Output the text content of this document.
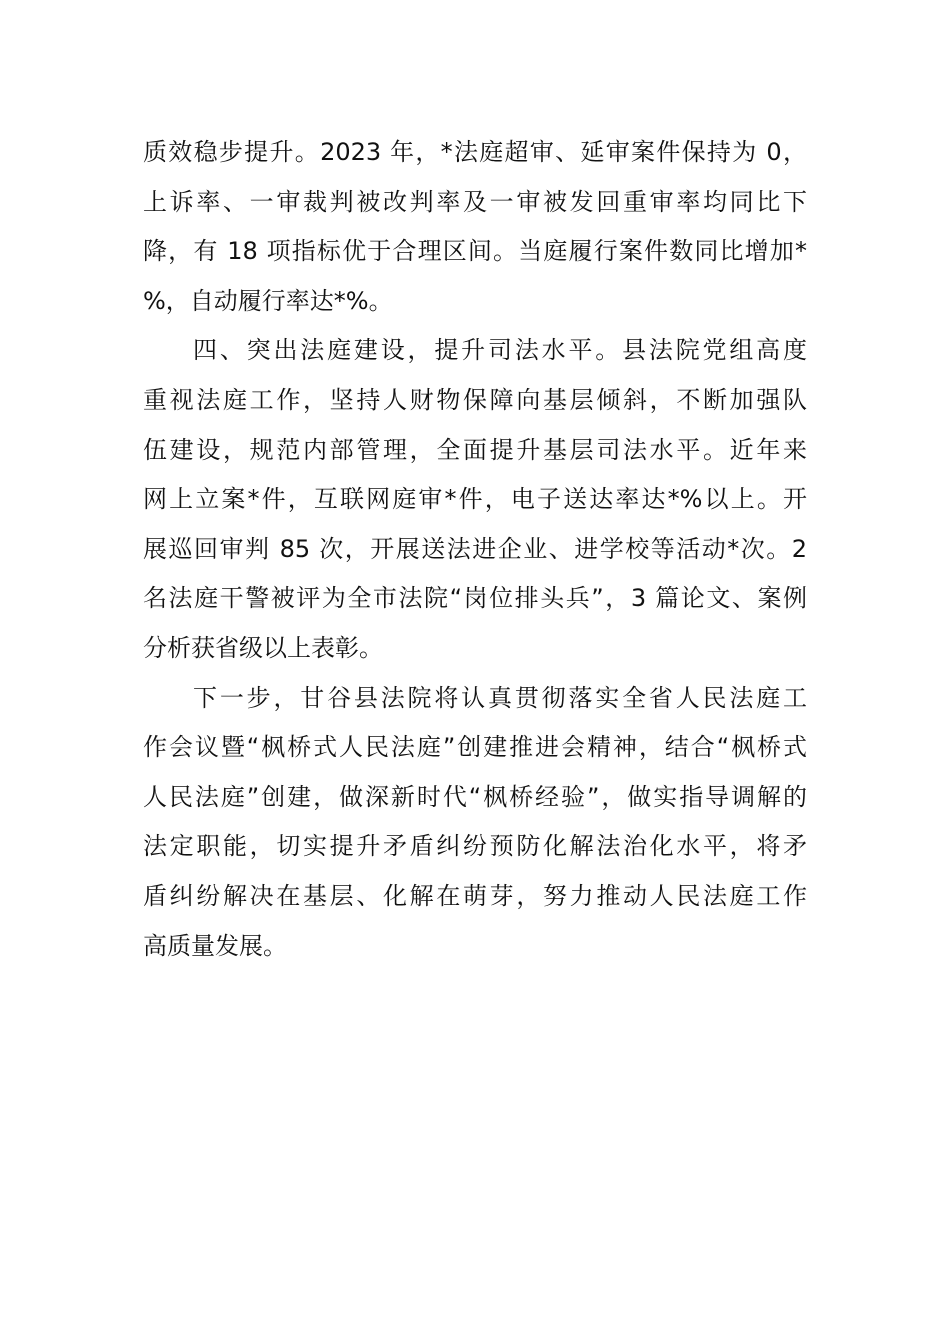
质效稳步提升。2023 年，*法庭超审、延审案件保持为 0，
上诉率、一审裁判被改判率及一审被发回重审率均同比下
降，有 18 项指标优于合理区间。当庭履行案件数同比增加*
%，自动履行率达*%。
四、突出法庭建设，提升司法水平。县法院党组高度
重视法庭工作，坚持人财物保障向基层倾斜，不断加强队
伍建设，规范内部管理，全面提升基层司法水平。近年来
网上立案*件，互联网庭审*件，电子送达率达*%以上。开
展巡回审判 85 次，开展送法进企业、进学校等活动*次。2
名法庭干警被评为全市法院“岗位排头兵”，3 篇论文、案例
分析获省级以上表彰。
下一步，甘谷县法院将认真贯彻落实全省人民法庭工
作会议暨“枫桥式人民法庭”创建推进会精神，结合“枫桥式
人民法庭”创建，做深新时代“枫桥经验”，做实指导调解的
法定职能，切实提升矛盾纠纷预防化解法治化水平，将矛
盾纠纷解决在基层、化解在萌芽，努力推动人民法庭工作
高质量发展。
